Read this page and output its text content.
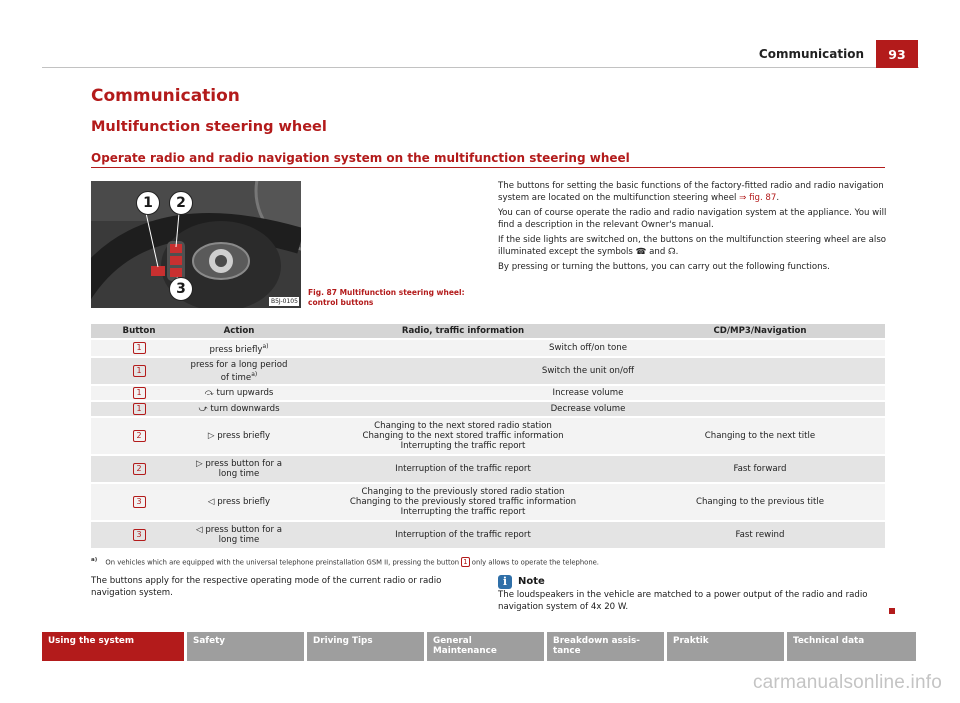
Communication	93
Communication
Multifunction steering wheel
Operate radio and radio navigation system on the multifunction steering wheel
1	2
3
B5J-0105
Fig. 87 Multifunction steering wheel: control buttons

The buttons for setting the basic functions of the factory-fitted radio and radio navigation system are located on the multifunction steering wheel ⇒ fig. 87.

You can of course operate the radio and radio navigation system at the appliance. You will find a description in the relevant Owner's manual.

If the side lights are switched on, the buttons on the multifunction steering wheel are also illuminated except the symbols ☎ and ☊.

By pressing or turning the buttons, you can carry out the following functions.

Button	Action	Radio, traffic information	CD/MP3/Navigation
1	press briefly$^{a)}$	Switch off/on tone	
1	press for a long period of time$^{a)}$	Switch the unit on/off	
1	⤼ turn upwards	Increase volume	
1	⤻ turn downwards	Decrease volume	
2	▷ press briefly	Changing to the next stored radio station
Changing to the next stored traffic information
Interrupting the traffic report	Changing to the next title
2	▷ press button for a long time	Interruption of the traffic report	Fast forward
3	◁ press briefly	Changing to the previously stored radio station
Changing to the previously stored traffic information
Interrupting the traffic report	Changing to the previous title
3	◁ press button for a long time	Interruption of the traffic report	Fast rewind
$^{a)}$ On vehicles which are equipped with the universal telephone preinstallation GSM II, pressing the button 1 only allows to operate the telephone.
The buttons apply for the respective operating mode of the current radio or radio navigation system.
i	Note
The loudspeakers in the vehicle are matched to a power output of the radio and radio navigation system of 4x 20 W.
Using the system	Safety	Driving Tips	General Maintenance
Breakdown assis-tance
Praktik	Technical data
carmanualsonline.info
